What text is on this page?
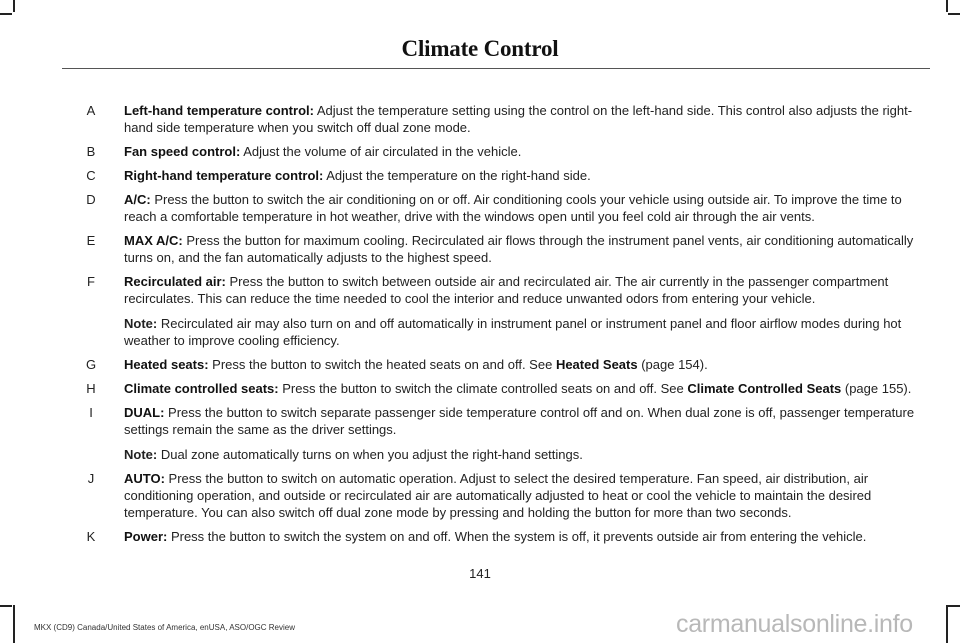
Climate Control
A Left-hand temperature control: Adjust the temperature setting using the control on the left-hand side. This control also adjusts the right-hand side temperature when you switch off dual zone mode.
B Fan speed control: Adjust the volume of air circulated in the vehicle.
C Right-hand temperature control: Adjust the temperature on the right-hand side.
D A/C: Press the button to switch the air conditioning on or off. Air conditioning cools your vehicle using outside air. To improve the time to reach a comfortable temperature in hot weather, drive with the windows open until you feel cold air through the air vents.
E MAX A/C: Press the button for maximum cooling. Recirculated air flows through the instrument panel vents, air conditioning automatically turns on, and the fan automatically adjusts to the highest speed.
F Recirculated air: Press the button to switch between outside air and recirculated air. The air currently in the passenger compartment recirculates. This can reduce the time needed to cool the interior and reduce unwanted odors from entering your vehicle.
Note: Recirculated air may also turn on and off automatically in instrument panel or instrument panel and floor airflow modes during hot weather to improve cooling efficiency.
G Heated seats: Press the button to switch the heated seats on and off. See Heated Seats (page 154).
H Climate controlled seats: Press the button to switch the climate controlled seats on and off. See Climate Controlled Seats (page 155).
I	DUAL: Press the button to switch separate passenger side temperature control off and on. When dual zone is off, passenger temperature settings remain the same as the driver settings.
Note: Dual zone automatically turns on when you adjust the right-hand settings.
J AUTO: Press the button to switch on automatic operation. Adjust to select the desired temperature. Fan speed, air distribution, air conditioning operation, and outside or recirculated air are automatically adjusted to heat or cool the vehicle to maintain the desired temperature. You can also switch off dual zone mode by pressing and holding the button for more than two seconds.
K Power: Press the button to switch the system on and off. When the system is off, it prevents outside air from entering the vehicle.
141
MKX (CD9) Canada/United States of America, enUSA, ASO/OGC Review	carmanualsonline.info
